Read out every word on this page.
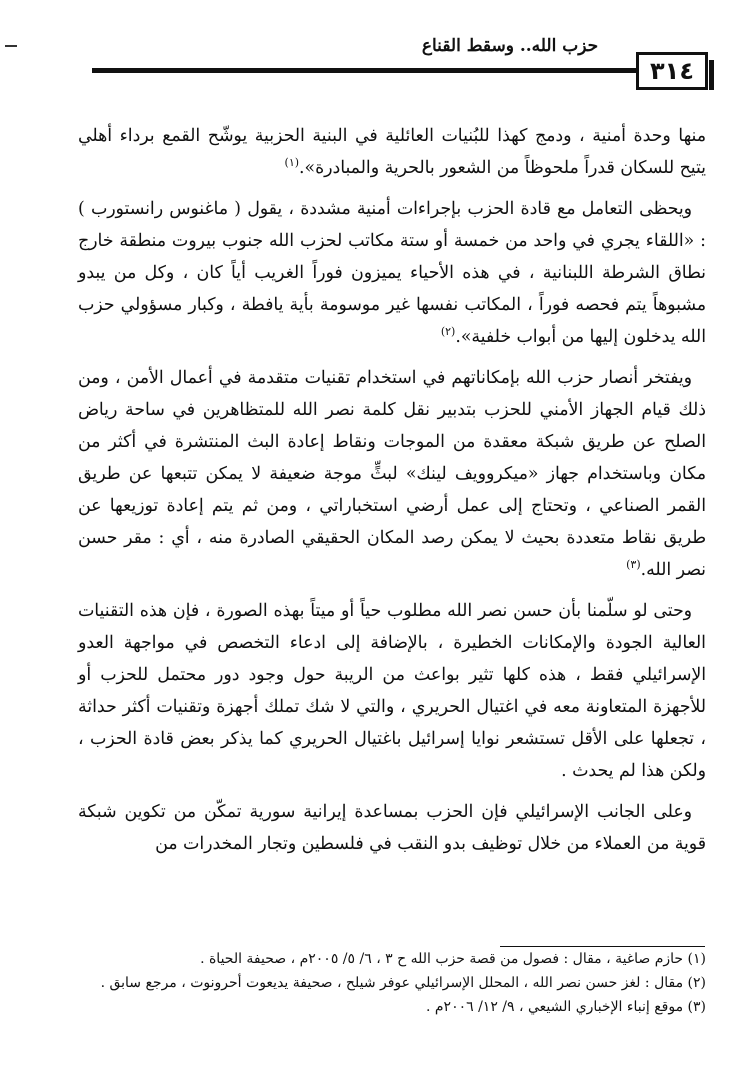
حزب الله.. وسقط القناع
٣١٤

منها وحدة أمنية ، ودمج كهذا للبُنيات العائلية في البنية الحزبية يوشّح القمع برداء أهلي يتيح للسكان قدراً ملحوظاً من الشعور بالحرية والمبادرة».$^{(١)}$

ويحظى التعامل مع قادة الحزب بإجراءات أمنية مشددة ، يقول ( ماغنوس رانستورب ) : «اللقاء يجري في واحد من خمسة أو ستة مكاتب لحزب الله جنوب بيروت منطقة خارج نطاق الشرطة اللبنانية ، في هذه الأحياء يميزون فوراً الغريب أياً كان ، وكل من يبدو مشبوهاً يتم فحصه فوراً ، المكاتب نفسها غير موسومة بأية يافطة ، وكبار مسؤولي حزب الله يدخلون إليها من أبواب خلفية».$^{(٢)}$

ويفتخر أنصار حزب الله بإمكاناتهم في استخدام تقنيات متقدمة في أعمال الأمن ، ومن ذلك قيام الجهاز الأمني للحزب بتدبير نقل كلمة نصر الله للمتظاهرين في ساحة رياض الصلح عن طريق شبكة معقدة من الموجات ونقاط إعادة البث المنتشرة في أكثر من مكان وباستخدام جهاز «ميكروويف لينك» لبثٍّ موجة ضعيفة لا يمكن تتبعها عن طريق القمر الصناعي ، وتحتاج إلى عمل أرضي استخباراتي ، ومن ثم يتم إعادة توزيعها عن طريق نقاط متعددة بحيث لا يمكن رصد المكان الحقيقي الصادرة منه ، أي : مقر حسن نصر الله.$^{(٣)}$

وحتى لو سلّمنا بأن حسن نصر الله مطلوب حياً أو ميتاً بهذه الصورة ، فإن هذه التقنيات العالية الجودة والإمكانات الخطيرة ، بالإضافة إلى ادعاء التخصص في مواجهة العدو الإسرائيلي فقط ، هذه كلها تثير بواعث من الريبة حول وجود دور محتمل للحزب أو للأجهزة المتعاونة معه في اغتيال الحريري ، والتي لا شك تملك أجهزة وتقنيات أكثر حداثة ، تجعلها على الأقل تستشعر نوايا إسرائيل باغتيال الحريري كما يذكر بعض قادة الحزب ، ولكن هذا لم يحدث .

وعلى الجانب الإسرائيلي فإن الحزب بمساعدة إيرانية سورية تمكّن من تكوين شبكة قوية من العملاء من خلال توظيف بدو النقب في فلسطين وتجار المخدرات من

(١) حازم صاغية ، مقال : فصول من قصة حزب الله ح ٣ ، ٦/ ٥/ ٢٠٠٥م ، صحيفة الحياة .

(٢) مقال : لغز حسن نصر الله ، المحلل الإسرائيلي عوفر شيلح ، صحيفة يديعوت أحرونوت ، مرجع سابق .

(٣) موقع إنباء الإخباري الشيعي ، ٩/ ١٢/ ٢٠٠٦م .
